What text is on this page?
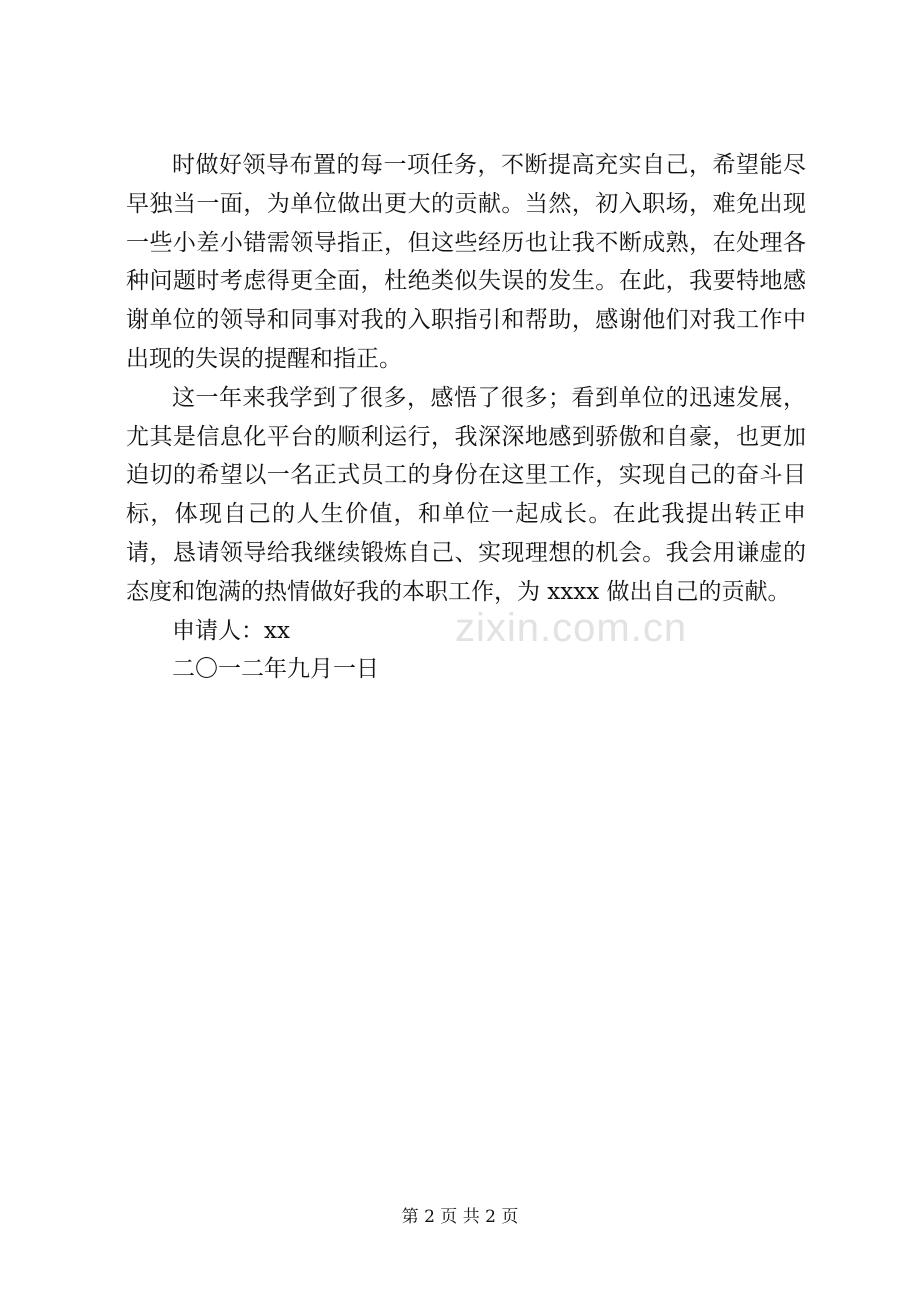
时做好领导布置的每一项任务，不断提高充实自己，希望能尽早独当一面，为单位做出更大的贡献。当然，初入职场，难免出现一些小差小错需领导指正，但这些经历也让我不断成熟，在处理各种问题时考虑得更全面，杜绝类似失误的发生。在此，我要特地感谢单位的领导和同事对我的入职指引和帮助，感谢他们对我工作中出现的失误的提醒和指正。

这一年来我学到了很多，感悟了很多；看到单位的迅速发展，尤其是信息化平台的顺利运行，我深深地感到骄傲和自豪，也更加迫切的希望以一名正式员工的身份在这里工作，实现自己的奋斗目标，体现自己的人生价值，和单位一起成长。在此我提出转正申请，恳请领导给我继续锻炼自己、实现理想的机会。我会用谦虚的态度和饱满的热情做好我的本职工作，为 xxxx 做出自己的贡献。

申请人：xx

二〇一二年九月一日

zixin.com.cn
第 2 页 共 2 页
